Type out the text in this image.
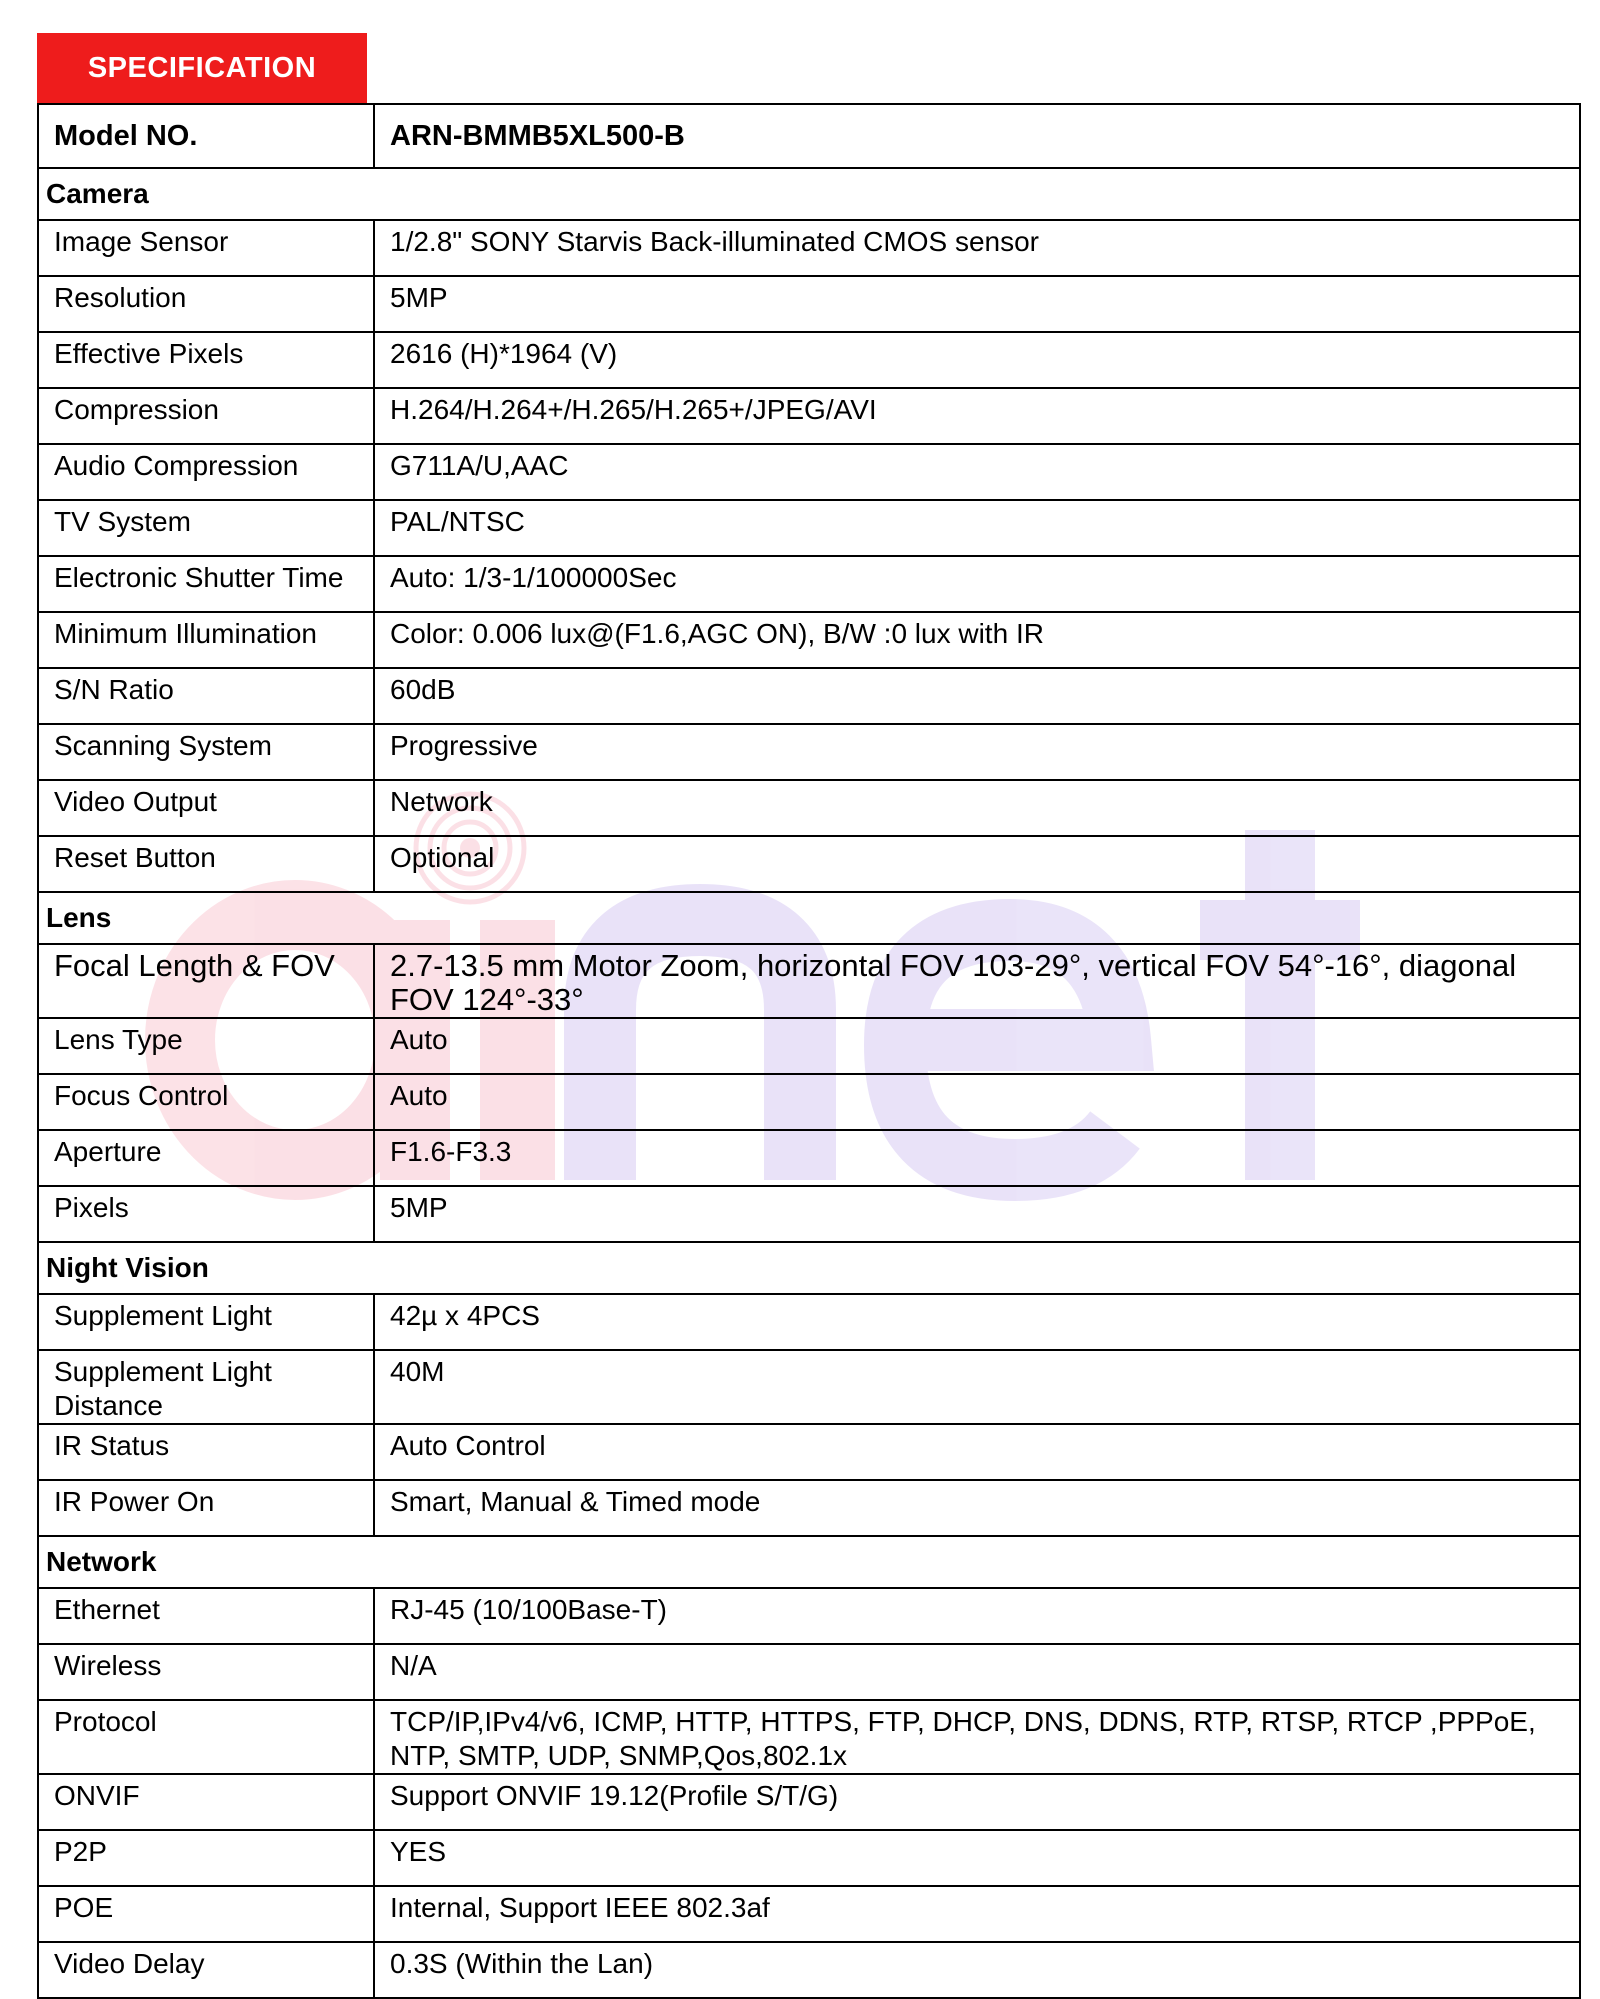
SPECIFICATION
Model NO.	ARN-BMMB5XL500-B
Camera	
Image Sensor	1/2.8" SONY Starvis Back-illuminated CMOS sensor
Resolution	5MP
Effective Pixels	2616 (H)*1964 (V)
Compression	H.264/H.264+/H.265/H.265+/JPEG/AVI
Audio Compression	G711A/U,AAC
TV System	PAL/NTSC
Electronic Shutter Time	Auto: 1/3-1/100000Sec
Minimum Illumination	Color: 0.006 lux@(F1.6,AGC ON), B/W :0 lux with IR
S/N Ratio	60dB
Scanning System	Progressive
Video Output	Network
Reset Button	Optional
Lens	
Focal Length & FOV	2.7-13.5 mm Motor Zoom, horizontal FOV 103-29°, vertical FOV 54°-16°, diagonal FOV 124°-33°
Lens Type	Auto
Focus Control	Auto
Aperture	F1.6-F3.3
Pixels	5MP
Night Vision	
Supplement Light	42µ x 4PCS
Supplement Light Distance	40M
IR Status	Auto Control
IR Power On	Smart, Manual & Timed mode
Network	
Ethernet	RJ-45 (10/100Base-T)
Wireless	N/A
Protocol	TCP/IP,IPv4/v6, ICMP, HTTP, HTTPS, FTP, DHCP, DNS, DDNS, RTP, RTSP, RTCP ,PPPoE, NTP, SMTP, UDP, SNMP,Qos,802.1x
ONVIF	Support ONVIF 19.12(Profile S/T/G)
P2P	YES
POE	Internal, Support IEEE 802.3af
Video Delay	0.3S (Within the Lan)
